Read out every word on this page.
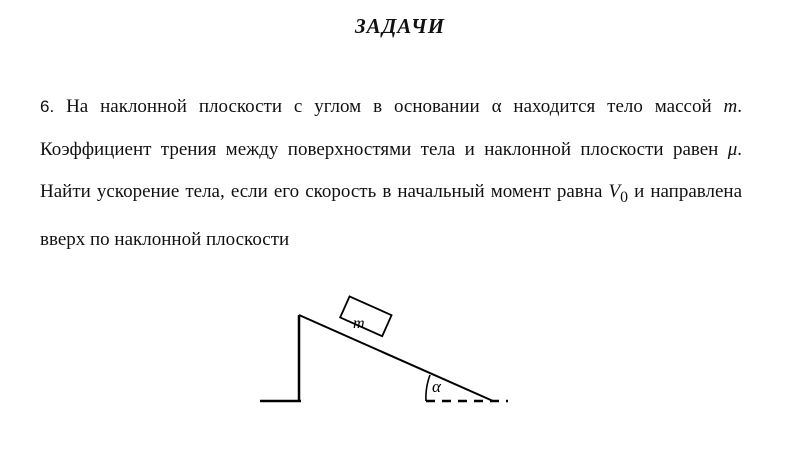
ЗАДАЧИ
6. На наклонной плоскости с углом в основании α находится тело массой m. Коэффициент трения между поверхностями тела и наклонной плоскости равен μ. Найти ускорение тела, если его скорость в начальный момент равна $V_0$ и направлена вверх по наклонной плоскости
m
α
